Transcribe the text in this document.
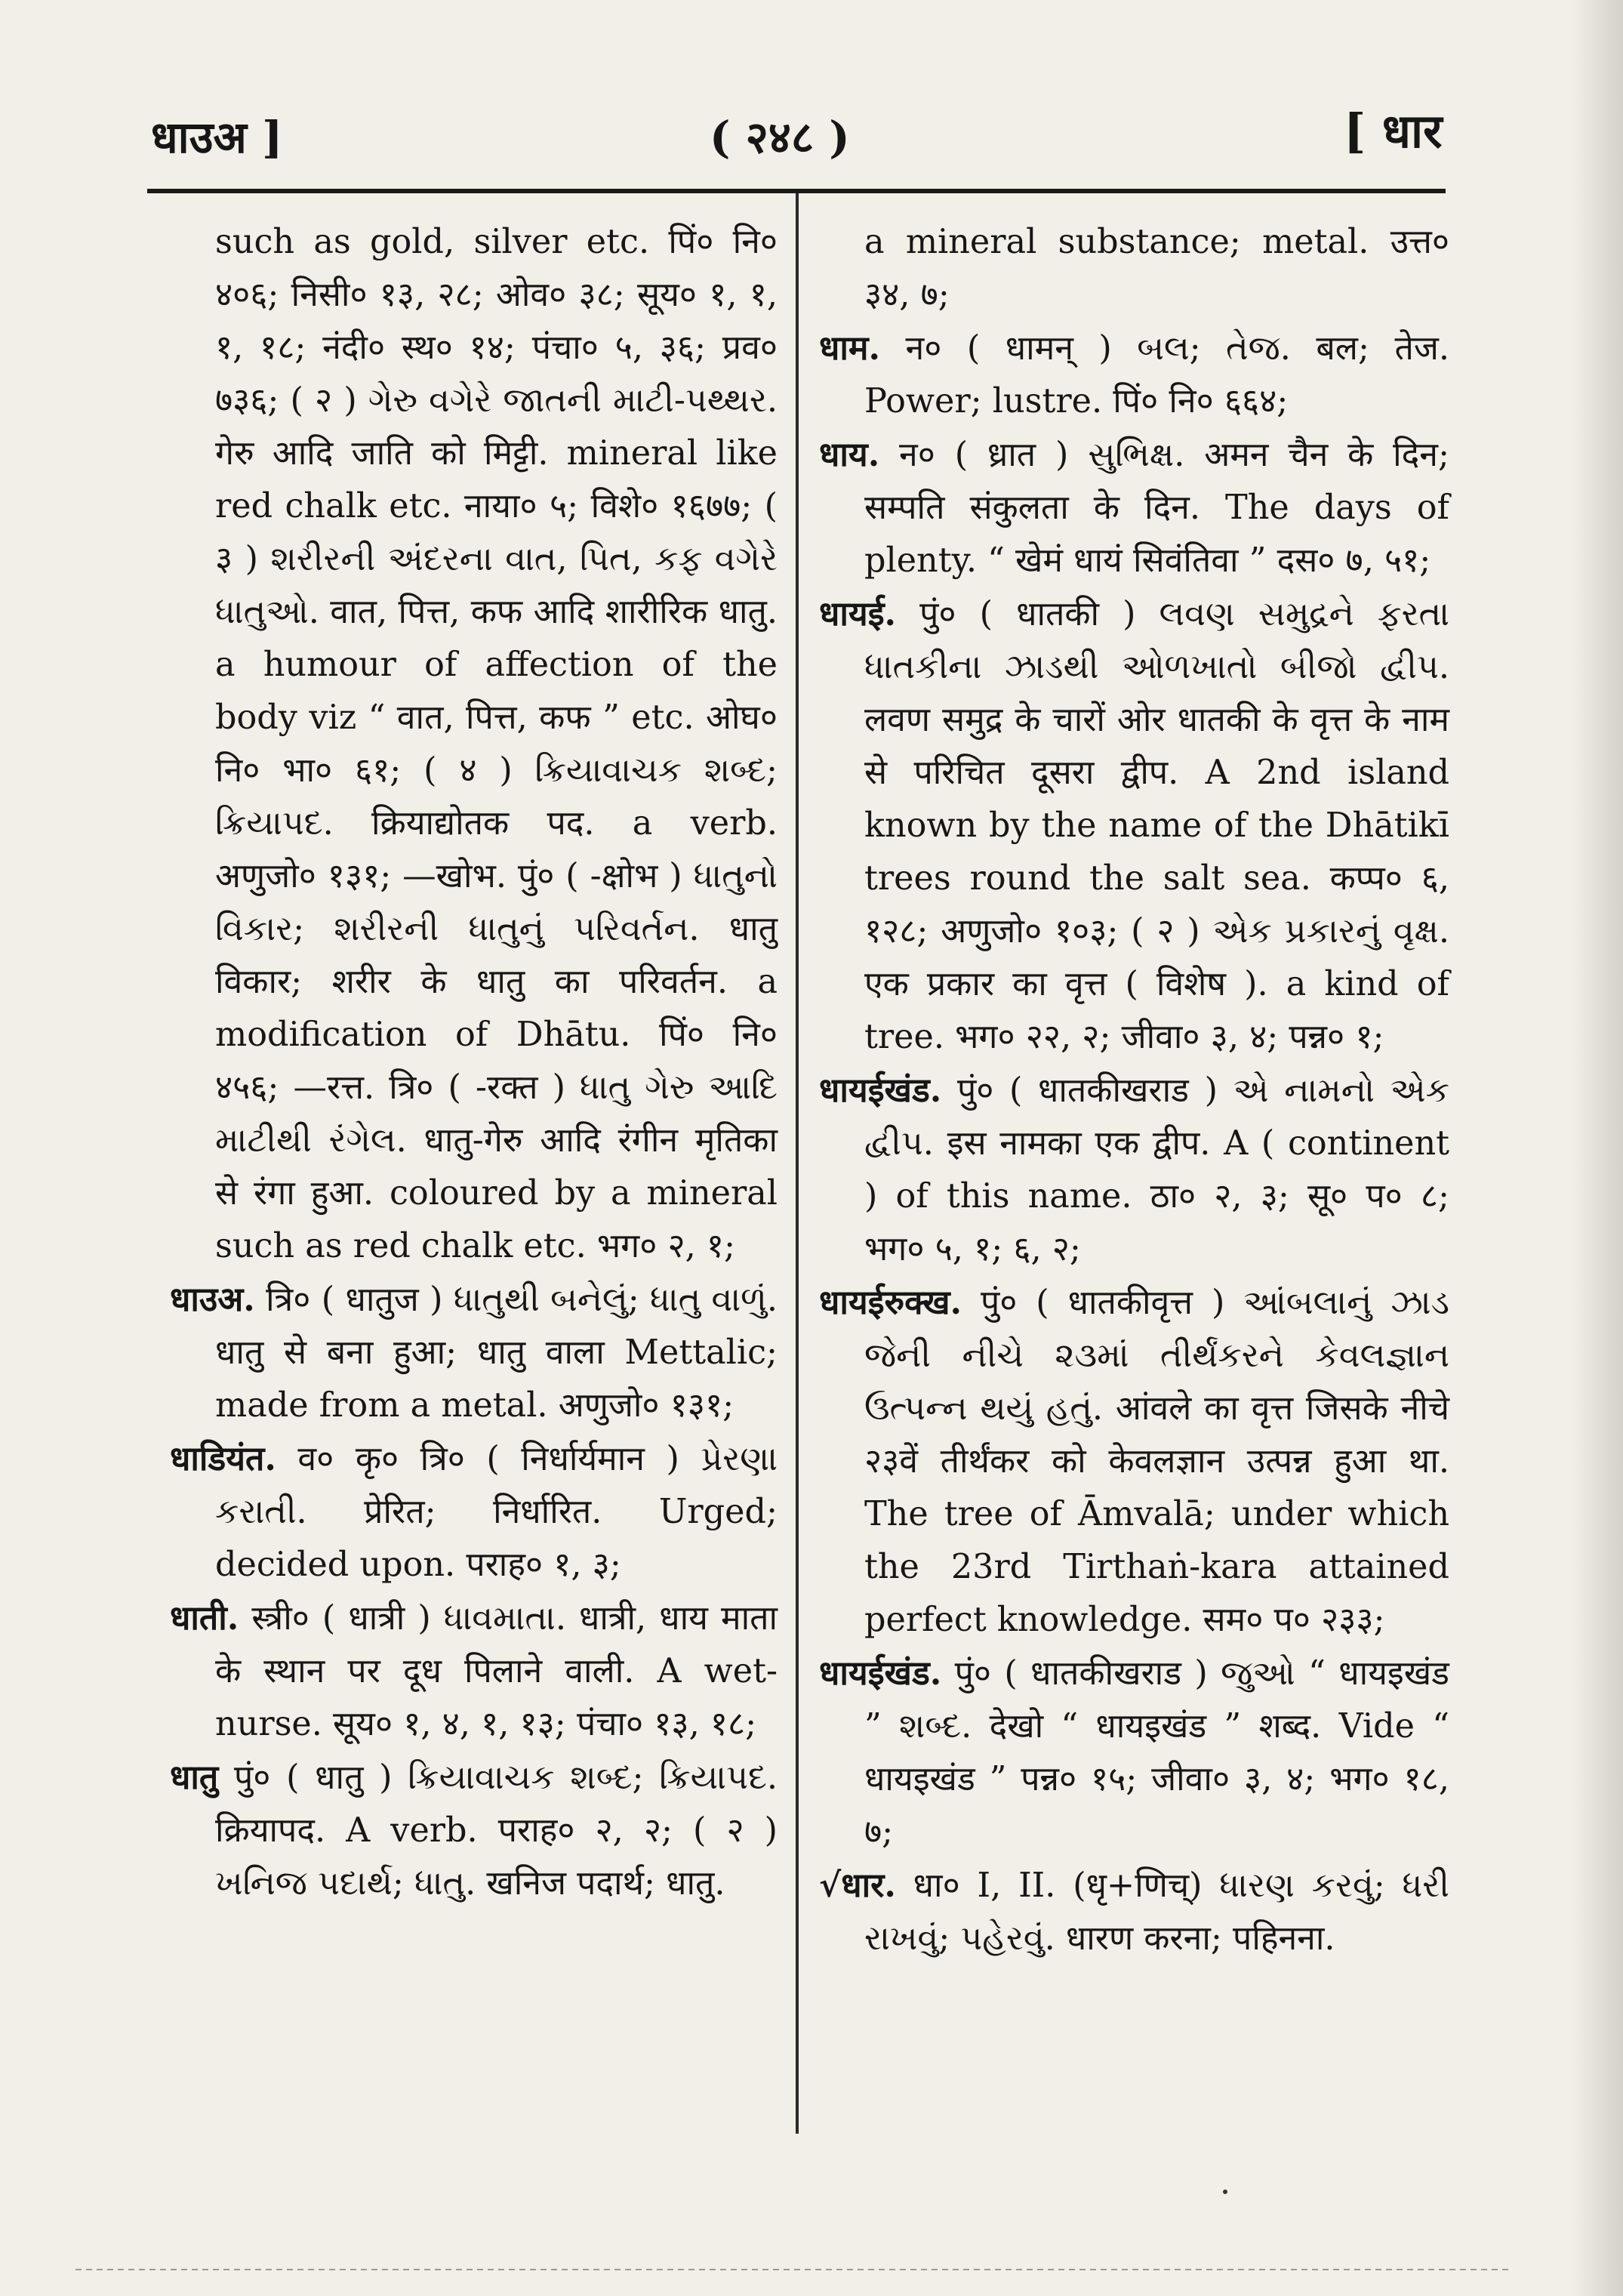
धाउअ ]	( २४८ )	[ धार

such as gold, silver etc. पिं० नि० ४०६; निसी० १३, २८; ओव० ३८; सूय० १, १, १, १८; नंदी० स्थ० १४; पंचा० ५, ३६; प्रव० ७३६; ( २ ) ગેરુ વગેરે જાતની માટી-પથ્થર. गेरु आदि जाति को मिट्टी. mineral like red chalk etc. नाया० ५; विशे० १६७७; ( ३ ) શરીરની અંદરના વાત, પિત, કફ વગેરે ધાતુઓ. वात, पित्त, कफ आदि शारीरिक धातु. a humour of affection of the body viz “ वात, पित्त, कफ ” etc. ओघ० नि० भा० ६१; ( ४ ) ક્રિયાવાચક શબ્દ; ક્રિયાપદ. क्रियाद्योतक पद. a verb. अणुजो० १३१; —खोभ. पुं० ( -क्षोभ ) ધાતુનો વિકાર; શરીરની ધાતુનું પરિવર્તન. धातु विकार; शरीर के धातु का परिवर्तन. a modification of Dhātu. पिं० नि० ४५६; —रत्त. त्रि० ( -रक्त ) ધાતુ ગેરુ આદિ માટીથી રંગેલ. धातु-गेरु आदि रंगीन मृतिका से रंगा हुआ. coloured by a mineral such as red chalk etc. भग० २, १;

धाउअ. त्रि० ( धातुज ) ધાતુથી બનેલું; ધાતુ વાળું. धातु से बना हुआ; धातु वाला Mettalic; made from a metal. अणुजो० १३१;

धाडियंत. व० कृ० त्रि० ( निर्धार्यमान ) પ્રેરણા કરાતી. प्रेरित; निर्धारित. Urged; decided upon. पराह० १, ३;

धाती. स्त्री० ( धात्री ) ધાવમાતા. धात्री, धाय माता के स्थान पर दूध पिलाने वाली. A wet-nurse. सूय० १, ४, १, १३; पंचा० १३, १८;

धातु पुं० ( धातु ) ક્રિયાવાચક શબ્દ; ક્રિયાપદ. क्रियापद. A verb. पराह० २, २; ( २ ) ખનિજ પદાર્થ; ધાતુ. खनिज पदार्थ; धातु.

a mineral substance; metal. उत्त० ३४, ७;

धाम. न० ( धामन् ) બલ; તેજ. बल; तेज. Power; lustre. पिं० नि० ६६४;

धाय. न० ( ध्रात ) સુભિક્ષ. अमन चैन के दिन; सम्पति संकुलता के दिन. The days of plenty. “ खेमं धायं सिवंतिवा ” दस० ७, ५१;

धायई. पुं० ( धातकी ) લવણ સમુદ્રને ફરતા ધાતકીના ઝાડથી ઓળખાતો બીજો દ્વીપ. लवण समुद्र के चारों ओर धातकी के वृत्त के नाम से परिचित दूसरा द्वीप. A 2nd island known by the name of the Dhātikī trees round the salt sea. कप्प० ६, १२८; अणुजो० १०३; ( २ ) એક પ્રકારનું વૃક્ષ. एक प्रकार का वृत्त ( विशेष ). a kind of tree. भग० २२, २; जीवा० ३, ४; पन्न० १;

धायईखंड. पुं० ( धातकीखराड ) એ નામનો એક દ્વીપ. इस नामका एक द्वीप. A ( continent ) of this name. ठा० २, ३; सू० प० ८; भग० ५, १; ६, २;

धायईरुक्ख. पुं० ( धातकीवृत्त ) આંબલાનું ઝાડ જેની નીચે ૨૩માં તીર્થંકરને કેવલજ્ઞાન ઉત્પન્ન થયું હતું. आंवले का वृत्त जिसके नीचे २३वें तीर्थंकर को केवलज्ञान उत्पन्न हुआ था. The tree of Āmvalā; under which the 23rd Tirthaṅ-kara attained perfect knowledge. सम० प० २३३;

धायईखंड. पुं० ( धातकीखराड ) જુઓ “ धायइखंड ” શબ્દ. देखो “ धायइखंड ” शब्द. Vide “ धायइखंड ” पन्न० १५; जीवा० ३, ४; भग० १८, ७;

√धार. धा० I, II. (धृ+णिच्) ધારણ કરવું; ધરી રાખવું; પહેરવું. धारण करना; पहिनना.
